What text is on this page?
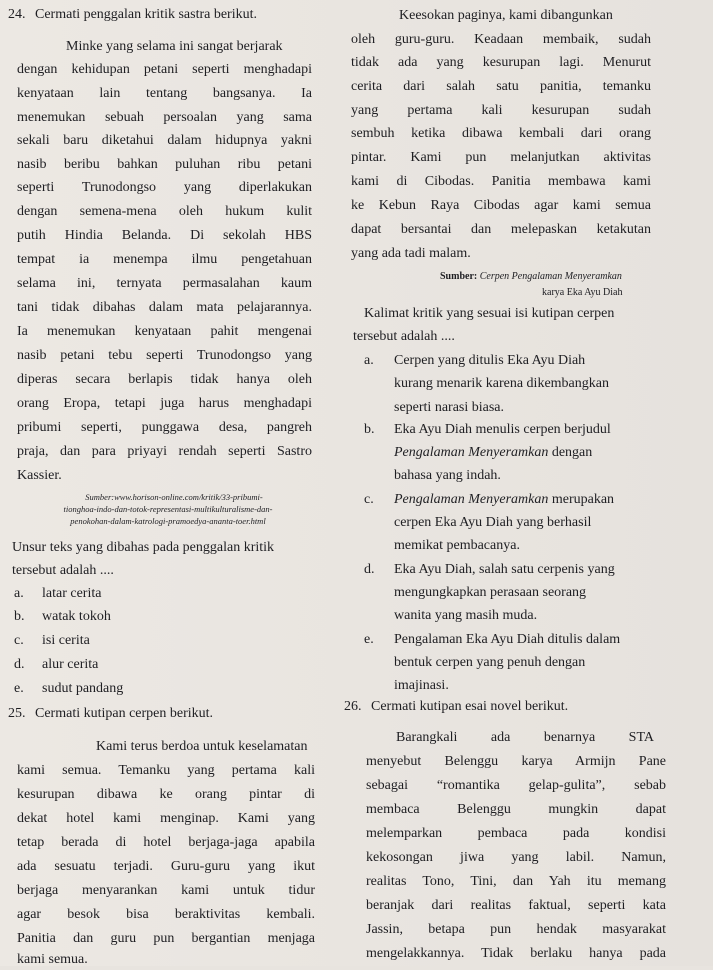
24. Cermati penggalan kritik sastra berikut.
Minke yang selama ini sangat berjarak
dengan kehidupan petani seperti menghadapi
kenyataan lain tentang bangsanya. Ia
menemukan sebuah persoalan yang sama
sekali baru diketahui dalam hidupnya yakni
nasib beribu bahkan puluhan ribu petani
seperti Trunodongso yang diperlakukan
dengan semena-mena oleh hukum kulit
putih Hindia Belanda. Di sekolah HBS
tempat ia menempa ilmu pengetahuan
selama ini, ternyata permasalahan kaum
tani tidak dibahas dalam mata pelajarannya.
Ia menemukan kenyataan pahit mengenai
nasib petani tebu seperti Trunodongso yang
diperas secara berlapis tidak hanya oleh
orang Eropa, tetapi juga harus menghadapi
pribumi seperti, punggawa desa, pangreh
praja, dan para priyayi rendah seperti Sastro
Kassier.
Sumber:www.horison-online.com/kritik/33-pribumi-
tionghoa-indo-dan-totok-representasi-multikulturalisme-dan-
penokohan-dalam-katrologi-pramoedya-ananta-toer.html
Unsur teks yang dibahas pada penggalan kritik
tersebut adalah ....
a. latar cerita
b. watak tokoh
c. isi cerita
d. alur cerita
e. sudut pandang
25. Cermati kutipan cerpen berikut.
Kami terus berdoa untuk keselamatan
kami semua. Temanku yang pertama kali
kesurupan dibawa ke orang pintar di
dekat hotel kami menginap. Kami yang
tetap berada di hotel berjaga-jaga apabila
ada sesuatu terjadi. Guru-guru yang ikut
berjaga menyarankan kami untuk tidur
agar besok bisa beraktivitas kembali.
Panitia dan guru pun bergantian menjaga
kami semua.
Keesokan paginya, kami dibangunkan
oleh guru-guru. Keadaan membaik, sudah
tidak ada yang kesurupan lagi. Menurut
cerita dari salah satu panitia, temanku
yang pertama kali kesurupan sudah
sembuh ketika dibawa kembali dari orang
pintar. Kami pun melanjutkan aktivitas
kami di Cibodas. Panitia membawa kami
ke Kebun Raya Cibodas agar kami semua
dapat bersantai dan melepaskan ketakutan
yang ada tadi malam.
Sumber: Cerpen Pengalaman Menyeramkan
karya Eka Ayu Diah
Kalimat kritik yang sesuai isi kutipan cerpen
tersebut adalah ....
a. Cerpen yang ditulis Eka Ayu Diah
kurang menarik karena dikembangkan
seperti narasi biasa.
b. Eka Ayu Diah menulis cerpen berjudul
Pengalaman Menyeramkan dengan
bahasa yang indah.
c. Pengalaman Menyeramkan merupakan
cerpen Eka Ayu Diah yang berhasil
memikat pembacanya.
d. Eka Ayu Diah, salah satu cerpenis yang
mengungkapkan perasaan seorang
wanita yang masih muda.
e. Pengalaman Eka Ayu Diah ditulis dalam
bentuk cerpen yang penuh dengan
imajinasi.
26. Cermati kutipan esai novel berikut.
Barangkali ada benarnya STA
menyebut Belenggu karya Armijn Pane
sebagai “romantika gelap-gulita”, sebab
membaca Belenggu mungkin dapat
melemparkan pembaca pada kondisi
kekosongan jiwa yang labil. Namun,
realitas Tono, Tini, dan Yah itu memang
beranjak dari realitas faktual, seperti kata
Jassin, betapa pun hendak masyarakat
mengelakkannya. Tidak berlaku hanya pada
